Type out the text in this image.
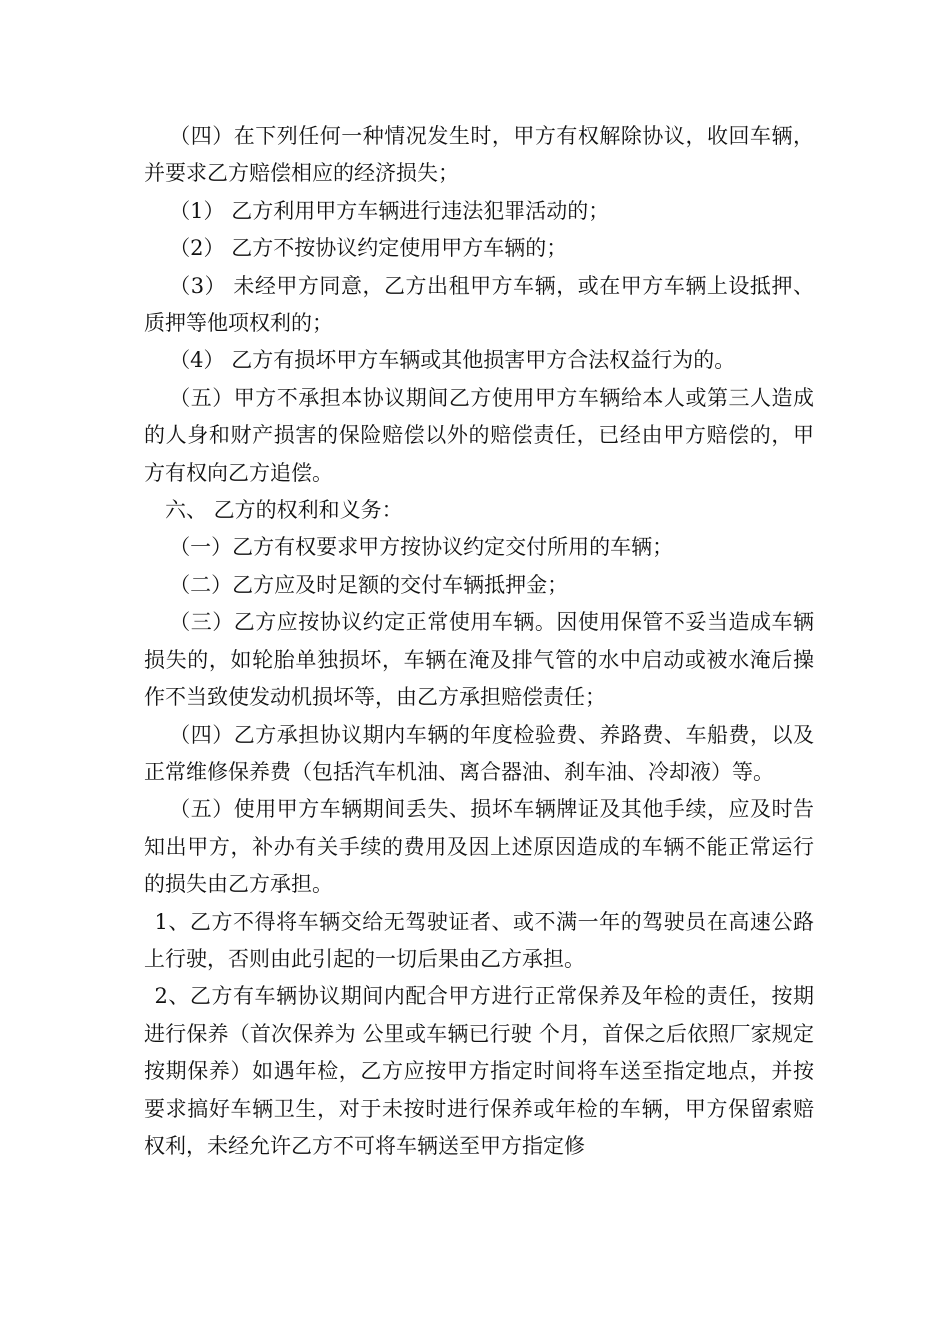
（四）在下列任何一种情况发生时，甲方有权解除协议，收回车辆，并要求乙方赔偿相应的经济损失；

（1） 乙方利用甲方车辆进行违法犯罪活动的；

（2） 乙方不按协议约定使用甲方车辆的；

（3） 未经甲方同意，乙方出租甲方车辆，或在甲方车辆上设抵押、质押等他项权利的；

（4） 乙方有损坏甲方车辆或其他损害甲方合法权益行为的。

（五）甲方不承担本协议期间乙方使用甲方车辆给本人或第三人造成的人身和财产损害的保险赔偿以外的赔偿责任，已经由甲方赔偿的，甲方有权向乙方追偿。

六、 乙方的权利和义务：

（一）乙方有权要求甲方按协议约定交付所用的车辆；

（二）乙方应及时足额的交付车辆抵押金；

（三）乙方应按协议约定正常使用车辆。因使用保管不妥当造成车辆损失的，如轮胎单独损坏，车辆在淹及排气管的水中启动或被水淹后操作不当致使发动机损坏等，由乙方承担赔偿责任；

（四）乙方承担协议期内车辆的年度检验费、养路费、车船费，以及正常维修保养费（包括汽车机油、离合器油、刹车油、冷却液）等。

（五）使用甲方车辆期间丢失、损坏车辆牌证及其他手续，应及时告知出甲方，补办有关手续的费用及因上述原因造成的车辆不能正常运行的损失由乙方承担。

1、乙方不得将车辆交给无驾驶证者、或不满一年的驾驶员在高速公路上行驶，否则由此引起的一切后果由乙方承担。

2、乙方有车辆协议期间内配合甲方进行正常保养及年检的责任，按期进行保养（首次保养为 公里或车辆已行驶 个月，首保之后依照厂家规定按期保养）如遇年检，乙方应按甲方指定时间将车送至指定地点，并按要求搞好车辆卫生，对于未按时进行保养或年检的车辆，甲方保留索赔权利，未经允许乙方不可将车辆送至甲方指定修
